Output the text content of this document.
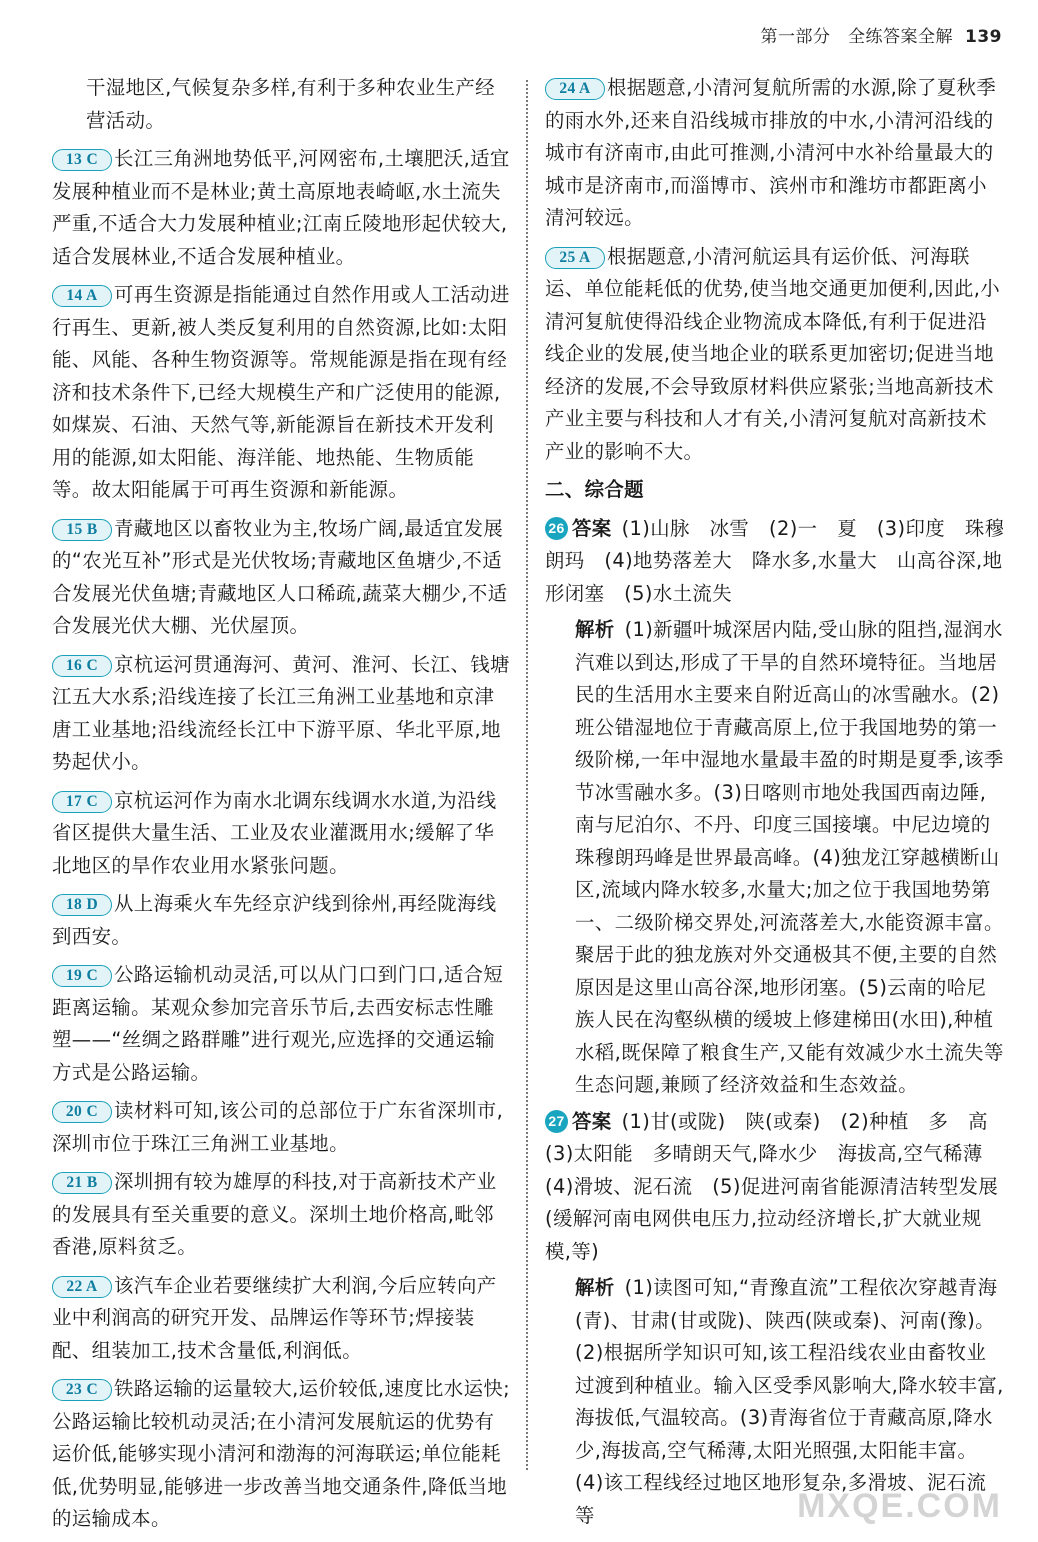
第一部分　全练答案全解 139
干湿地区,气候复杂多样,有利于多种农业生产经营活动。
13 C 长江三角洲地势低平,河网密布,土壤肥沃,适宜发展种植业而不是林业;黄土高原地表崎岖,水土流失严重,不适合大力发展种植业;江南丘陵地形起伏较大,适合发展林业,不适合发展种植业。
14 A 可再生资源是指能通过自然作用或人工活动进行再生、更新,被人类反复利用的自然资源,比如:太阳能、风能、各种生物资源等。常规能源是指在现有经济和技术条件下,已经大规模生产和广泛使用的能源,如煤炭、石油、天然气等,新能源旨在新技术开发利用的能源,如太阳能、海洋能、地热能、生物质能等。故太阳能属于可再生资源和新能源。
15 B 青藏地区以畜牧业为主,牧场广阔,最适宜发展的“农光互补”形式是光伏牧场;青藏地区鱼塘少,不适合发展光伏鱼塘;青藏地区人口稀疏,蔬菜大棚少,不适合发展光伏大棚、光伏屋顶。
16 C 京杭运河贯通海河、黄河、淮河、长江、钱塘江五大水系;沿线连接了长江三角洲工业基地和京津唐工业基地;沿线流经长江中下游平原、华北平原,地势起伏小。
17 C 京杭运河作为南水北调东线调水水道,为沿线省区提供大量生活、工业及农业灌溉用水;缓解了华北地区的旱作农业用水紧张问题。
18 D 从上海乘火车先经京沪线到徐州,再经陇海线到西安。
19 C 公路运输机动灵活,可以从门口到门口,适合短距离运输。某观众参加完音乐节后,去西安标志性雕塑——“丝绸之路群雕”进行观光,应选择的交通运输方式是公路运输。
20 C 读材料可知,该公司的总部位于广东省深圳市,深圳市位于珠江三角洲工业基地。
21 B 深圳拥有较为雄厚的科技,对于高新技术产业的发展具有至关重要的意义。深圳土地价格高,毗邻香港,原料贫乏。
22 A 该汽车企业若要继续扩大利润,今后应转向产业中利润高的研究开发、品牌运作等环节;焊接装配、组装加工,技术含量低,利润低。
23 C 铁路运输的运量较大,运价较低,速度比水运快;公路运输比较机动灵活;在小清河发展航运的优势有运价低,能够实现小清河和渤海的河海联运;单位能耗低,优势明显,能够进一步改善当地交通条件,降低当地的运输成本。
24 A 根据题意,小清河复航所需的水源,除了夏秋季的雨水外,还来自沿线城市排放的中水,小清河沿线的城市有济南市,由此可推测,小清河中水补给量最大的城市是济南市,而淄博市、滨州市和潍坊市都距离小清河较远。
25 A 根据题意,小清河航运具有运价低、河海联运、单位能耗低的优势,使当地交通更加便利,因此,小清河复航使得沿线企业物流成本降低,有利于促进沿线企业的发展,使当地企业的联系更加密切;促进当地经济的发展,不会导致原材料供应紧张;当地高新技术产业主要与科技和人才有关,小清河复航对高新技术产业的影响不大。
二、综合题
26 答案 (1)山脉　冰雪　(2)一　夏　(3)印度　珠穆朗玛　(4)地势落差大　降水多,水量大　山高谷深,地形闭塞　(5)水土流失
解析 (1)新疆叶城深居内陆,受山脉的阻挡,湿润水汽难以到达,形成了干旱的自然环境特征。当地居民的生活用水主要来自附近高山的冰雪融水。(2)班公错湿地位于青藏高原上,位于我国地势的第一级阶梯,一年中湿地水量最丰盈的时期是夏季,该季节冰雪融水多。(3)日喀则市地处我国西南边陲,南与尼泊尔、不丹、印度三国接壤。中尼边境的珠穆朗玛峰是世界最高峰。(4)独龙江穿越横断山区,流域内降水较多,水量大;加之位于我国地势第一、二级阶梯交界处,河流落差大,水能资源丰富。聚居于此的独龙族对外交通极其不便,主要的自然原因是这里山高谷深,地形闭塞。(5)云南的哈尼族人民在沟壑纵横的缓坡上修建梯田(水田),种植水稻,既保障了粮食生产,又能有效减少水土流失等生态问题,兼顾了经济效益和生态效益。
27 答案 (1)甘(或陇)　陕(或秦)　(2)种植　多　高　(3)太阳能　多晴朗天气,降水少　海拔高,空气稀薄　(4)滑坡、泥石流　(5)促进河南省能源清洁转型发展(缓解河南电网供电压力,拉动经济增长,扩大就业规模,等)
解析 (1)读图可知,“青豫直流”工程依次穿越青海(青)、甘肃(甘或陇)、陕西(陕或秦)、河南(豫)。(2)根据所学知识可知,该工程沿线农业由畜牧业过渡到种植业。输入区受季风影响大,降水较丰富,海拔低,气温较高。(3)青海省位于青藏高原,降水少,海拔高,空气稀薄,太阳光照强,太阳能丰富。(4)该工程线经过地区地形复杂,多滑坡、泥石流等	MXQE.COM
